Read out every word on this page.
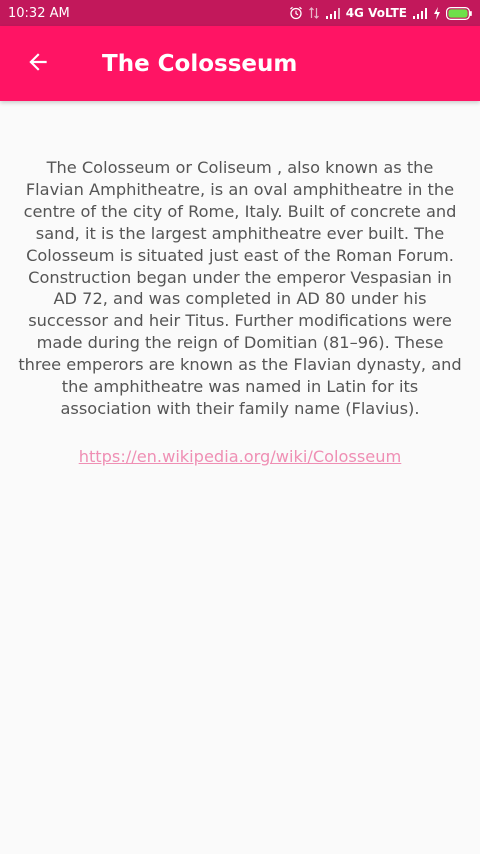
10:32 AM	4G VoLTE
The Colosseum

The Colosseum or Coliseum , also known as the Flavian Amphitheatre, is an oval amphitheatre in the centre of the city of Rome, Italy. Built of concrete and sand, it is the largest amphitheatre ever built. The Colosseum is situated just east of the Roman Forum. Construction began under the emperor Vespasian in AD 72, and was completed in AD 80 under his successor and heir Titus. Further modifications were made during the reign of Domitian (81–96). These three emperors are known as the Flavian dynasty, and the amphitheatre was named in Latin for its association with their family name (Flavius).

https://en.wikipedia.org/wiki/Colosseum
